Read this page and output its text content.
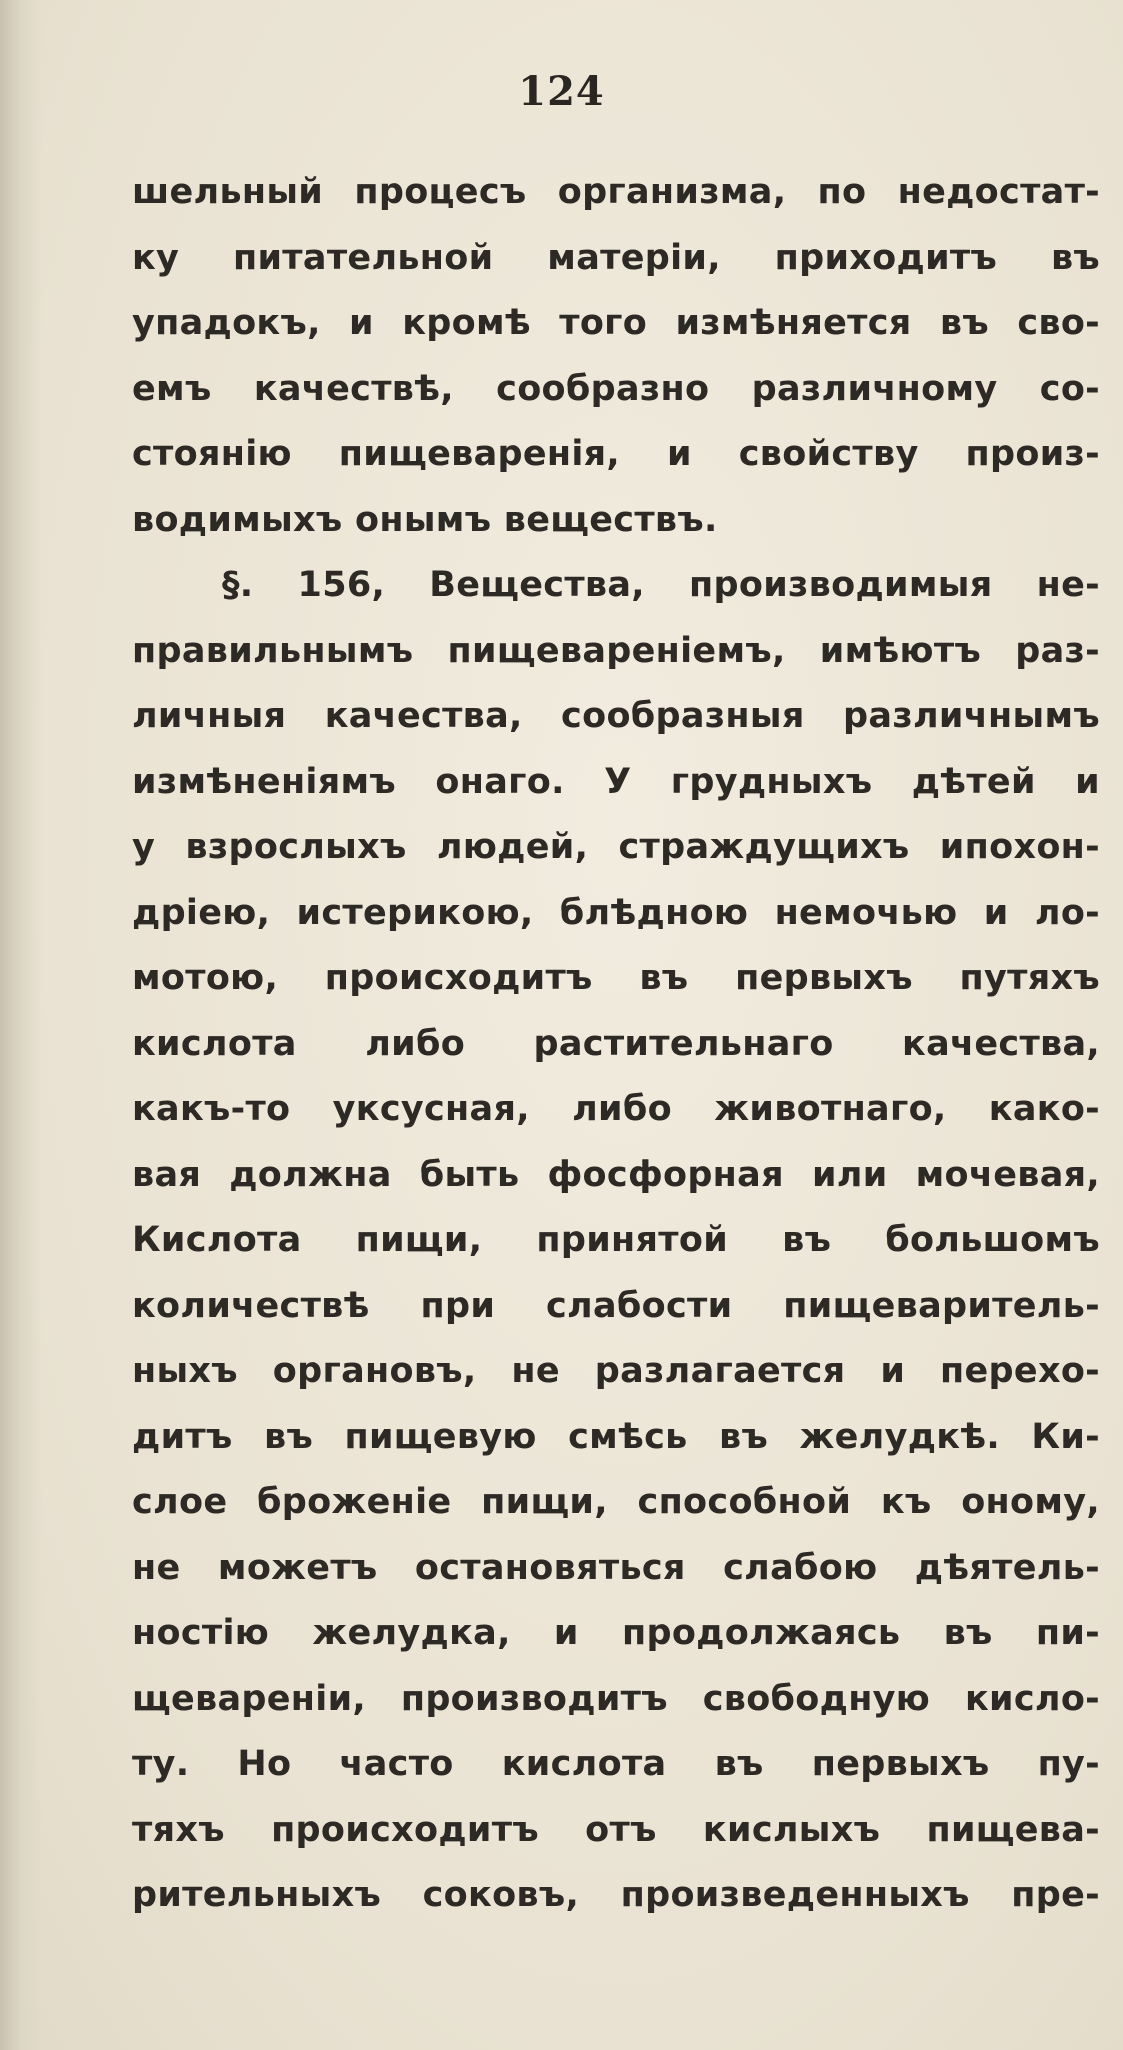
124
шельный процесъ организма, по недостат-
ку питательной матеріи, приходитъ въ
упадокъ, и кромѣ того измѣняется въ сво-
емъ качествѣ, сообразно различному со-
стоянію пищеваренія, и свойству произ-
водимыхъ онымъ веществъ.
§. 156, Вещества, производимыя не-
правильнымъ пищевареніемъ, имѣютъ раз-
личныя качества, сообразныя различнымъ
измѣненіямъ онаго. У грудныхъ дѣтей и
у взрослыхъ людей, страждущихъ ипохон-
дріею, истерикою, блѣдною немочью и ло-
мотою, происходитъ въ первыхъ путяхъ
кислота либо растительнаго качества,
какъ-то уксусная, либо животнаго, како-
вая должна быть фосфорная или мочевая,
Кислота пищи, принятой въ большомъ
количествѣ при слабости пищеваритель-
ныхъ органовъ, не разлагается и перехо-
дитъ въ пищевую смѣсь въ желудкѣ. Ки-
слое броженіе пищи, способной къ оному,
не можетъ остановяться слабою дѣятель-
ностію желудка, и продолжаясь въ пи-
щевареніи, производитъ свободную кисло-
ту. Но часто кислота въ первыхъ пу-
тяхъ происходитъ отъ кислыхъ пищева-
рительныхъ соковъ, произведенныхъ пре-
